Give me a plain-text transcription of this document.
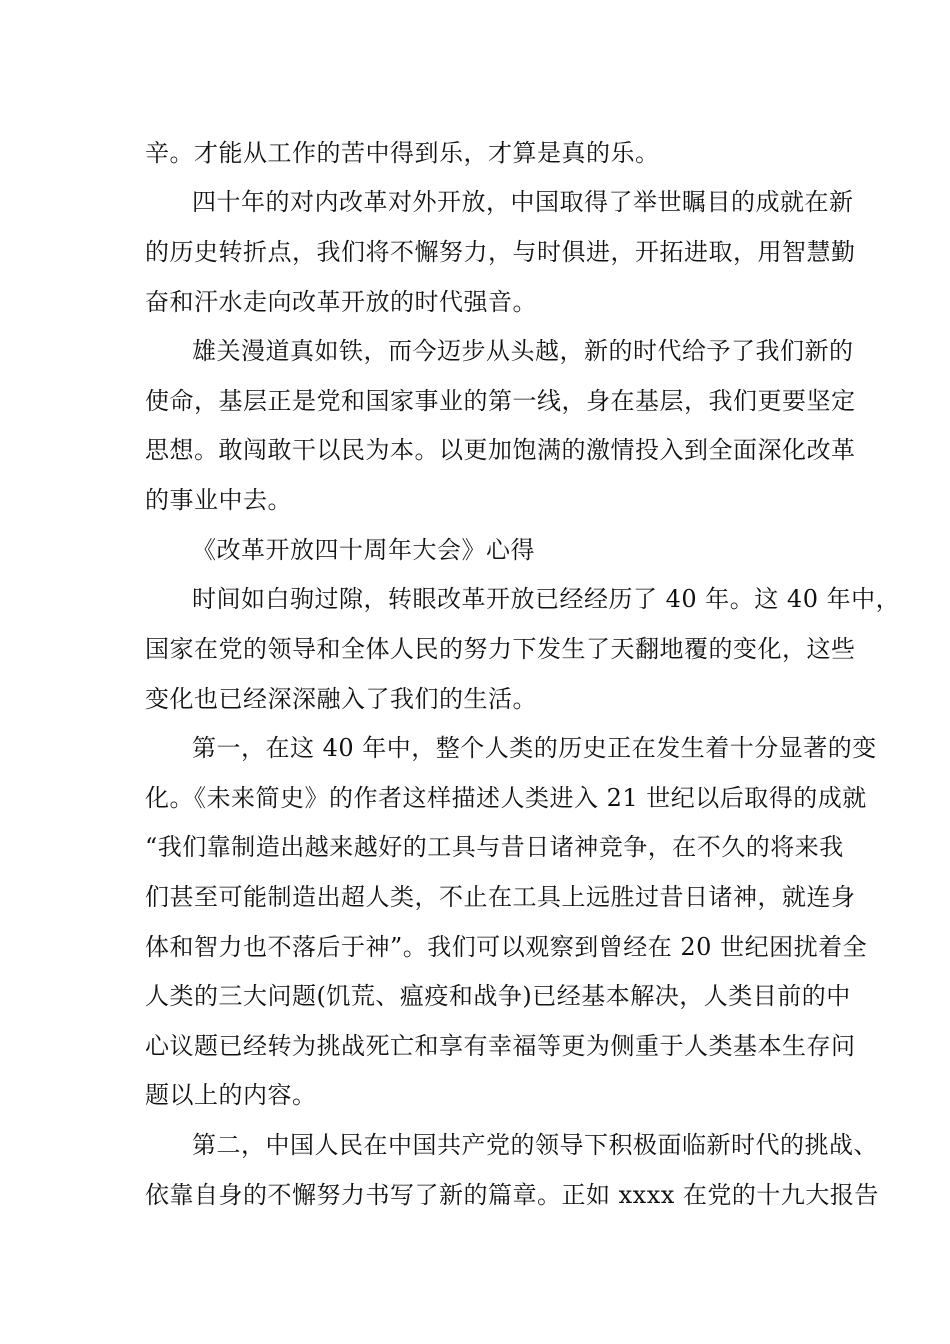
辛。才能从工作的苦中得到乐，才算是真的乐。
四十年的对内改革对外开放，中国取得了举世瞩目的成就在新
的历史转折点，我们将不懈努力，与时俱进，开拓进取，用智慧勤
奋和汗水走向改革开放的时代强音。
雄关漫道真如铁，而今迈步从头越，新的时代给予了我们新的
使命，基层正是党和国家事业的第一线，身在基层，我们更要坚定
思想。敢闯敢干以民为本。以更加饱满的激情投入到全面深化改革
的事业中去。
《改革开放四十周年大会》心得
时间如白驹过隙，转眼改革开放已经经历了 40 年。这 40 年中，
国家在党的领导和全体人民的努力下发生了天翻地覆的变化，这些
变化也已经深深融入了我们的生活。
第一，在这 40 年中，整个人类的历史正在发生着十分显著的变
化。《未来简史》的作者这样描述人类进入 21 世纪以后取得的成就
“我们靠制造出越来越好的工具与昔日诸神竞争，在不久的将来我
们甚至可能制造出超人类，不止在工具上远胜过昔日诸神，就连身
体和智力也不落后于神”。我们可以观察到曾经在 20 世纪困扰着全
人类的三大问题(饥荒、瘟疫和战争)已经基本解决，人类目前的中
心议题已经转为挑战死亡和享有幸福等更为侧重于人类基本生存问
题以上的内容。
第二，中国人民在中国共产党的领导下积极面临新时代的挑战、
依靠自身的不懈努力书写了新的篇章。正如 xxxx 在党的十九大报告
